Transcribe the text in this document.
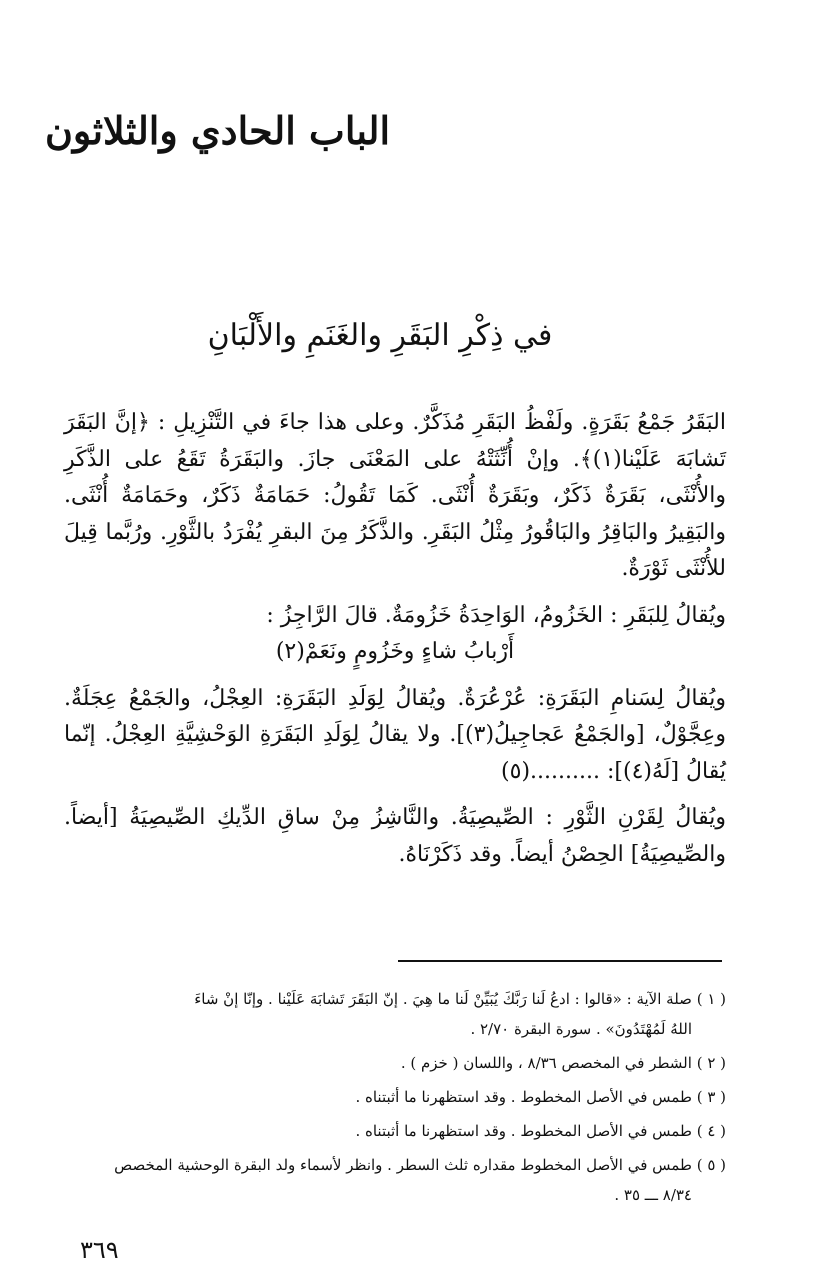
الباب الحادي والثلاثون
في ذِكْرِ البَقَرِ والغَنَمِ والأَلْبَانِ

البَقَرُ جَمْعُ بَقَرَةٍ. ولَفْظُ البَقَرِ مُذَكَّرٌ. وعلى هذا جاءَ في التَّنْزِيلِ : ﴿إنَّ البَقَرَ تَشابَهَ عَلَيْنا(١)﴾. وإنْ أُنِّثَتْهُ على المَعْنَى جازَ. والبَقَرَةُ تَقَعُ على الذَّكَرِ والأُنْثَى، بَقَرَةٌ ذَكَرٌ، وبَقَرَةٌ أُنْثَى. كَمَا تَقُولُ: حَمَامَةٌ ذَكَرٌ، وحَمَامَةٌ أُنْثَى. والبَقِيرُ والبَاقِرُ والبَاقُورُ مِثْلُ البَقَرِ. والذَّكَرُ مِنَ البقرِ يُفْرَدُ بالثَّوْرِ. ورُبَّما قِيلَ للأُنْثَى ثَوْرَةٌ.

ويُقالُ لِلبَقَرِ : الخَزُومُ، الوَاحِدَةُ خَزُومَةٌ. قالَ الرَّاجِزُ :

أَرْبابُ شاءٍ وخَزُومٍ ونَعَمْ(٢)

ويُقالُ لِسَنامِ البَقَرَةِ: عُرْعُرَةٌ. ويُقالُ لِوَلَدِ البَقَرَةِ: العِجْلُ، والجَمْعُ عِجَلَةٌ. وعِجَّوْلٌ، [والجَمْعُ عَجاجِيلُ(٣)]. ولا يقالُ لِوَلَدِ البَقَرَةِ الوَحْشِيَّةِ العِجْلُ. إنّما يُقالُ [لَهُ(٤)]: ..........(٥)

ويُقالُ لِقَرْنِ الثَّوْرِ : الصِّيصِيَةُ. والنَّاشِزُ مِنْ ساقِ الدِّيكِ الصِّيصِيَةُ [أيضاً. والصِّيصِيَةُ] الحِصْنُ أيضاً. وقد ذَكَرْنَاهُ.

( ١ ) صلة الآية : «قالوا : ادعُ لَنا رَبَّكَ يُبَيِّنْ لَنا ما هِيَ . إنّ البَقَرَ تَشابَهَ عَلَيْنا . وإنّا إنْ شاءَ
اللهُ لَمُهْتَدُونَ» . سورة البقرة ٢/٧٠ .
( ٢ ) الشطر في المخصص ٨/٣٦ ، واللسان ( خزم ) .
( ٣ ) طمس في الأصل المخطوط . وقد استظهرنا ما أثبتناه .
( ٤ ) طمس في الأصل المخطوط . وقد استظهرنا ما أثبتناه .
( ٥ ) طمس في الأصل المخطوط مقداره ثلث السطر . وانظر لأسماء ولد البقرة الوحشية المخصص
٨/٣٤ ـــ ٣٥ .
٣٦٩
